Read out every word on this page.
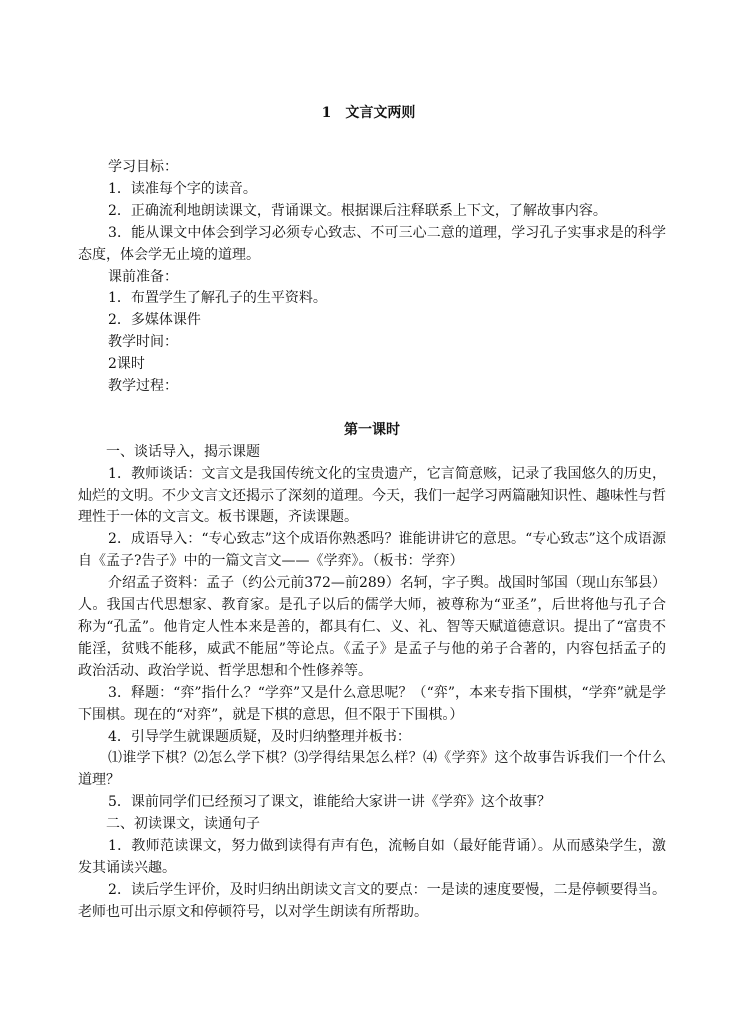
1 文言文两则

学习目标：

1．读准每个字的读音。

2．正确流利地朗读课文，背诵课文。根据课后注释联系上下文，了解故事内容。

3．能从课文中体会到学习必须专心致志、不可三心二意的道理，学习孔子实事求是的科学态度，体会学无止境的道理。

课前准备：

1．布置学生了解孔子的生平资料。

2．多媒体课件

教学时间：

2课时

教学过程：

第一课时

一、谈话导入，揭示课题

1．教师谈话：文言文是我国传统文化的宝贵遗产，它言简意赅，记录了我国悠久的历史，灿烂的文明。不少文言文还揭示了深刻的道理。今天，我们一起学习两篇融知识性、趣味性与哲理性于一体的文言文。板书课题，齐读课题。

2．成语导入：“专心致志”这个成语你熟悉吗？谁能讲讲它的意思。“专心致志”这个成语源自《孟子?告子》中的一篇文言文——《学弈》。（板书：学弈）

介绍孟子资料：孟子（约公元前372—前289）名轲，字子舆。战国时邹国（现山东邹县）人。我国古代思想家、教育家。是孔子以后的儒学大师，被尊称为“亚圣”，后世将他与孔子合称为“孔孟”。他肯定人性本来是善的，都具有仁、义、礼、智等天赋道德意识。提出了“富贵不能淫，贫贱不能移，威武不能屈”等论点。《孟子》是孟子与他的弟子合著的，内容包括孟子的政治活动、政治学说、哲学思想和个性修养等。

3．释题：“弈”指什么？“学弈”又是什么意思呢？（“弈”，本来专指下围棋，“学弈”就是学下围棋。现在的“对弈”，就是下棋的意思，但不限于下围棋。）

4．引导学生就课题质疑，及时归纳整理并板书：

⑴谁学下棋？⑵怎么学下棋？⑶学得结果怎么样？⑷《学弈》这个故事告诉我们一个什么道理？

5．课前同学们已经预习了课文，谁能给大家讲一讲《学弈》这个故事？

二、初读课文，读通句子

1．教师范读课文，努力做到读得有声有色，流畅自如（最好能背诵）。从而感染学生，激发其诵读兴趣。

2．读后学生评价，及时归纳出朗读文言文的要点：一是读的速度要慢，二是停顿要得当。老师也可出示原文和停顿符号，以对学生朗读有所帮助。
